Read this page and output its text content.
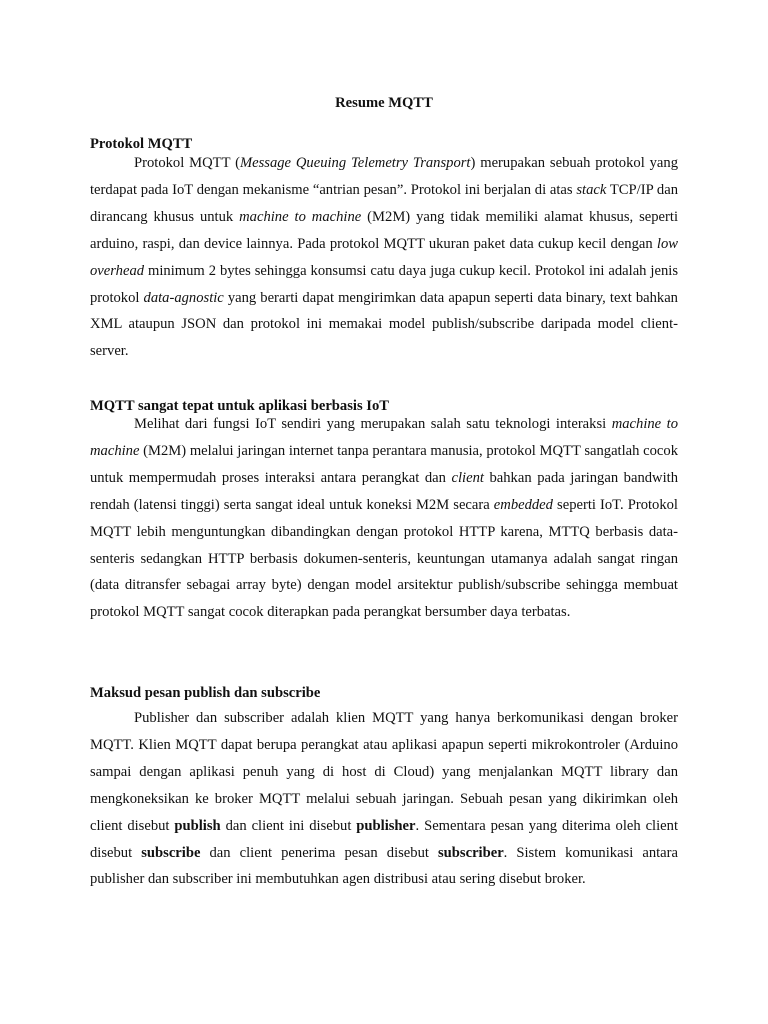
Resume MQTT
Protokol MQTT

Protokol MQTT (Message Queuing Telemetry Transport) merupakan sebuah protokol yang terdapat pada IoT dengan mekanisme “antrian pesan”. Protokol ini berjalan di atas stack TCP/IP dan dirancang khusus untuk machine to machine (M2M) yang tidak memiliki alamat khusus, seperti arduino, raspi, dan device lainnya. Pada protokol MQTT ukuran paket data cukup kecil dengan low overhead minimum 2 bytes sehingga konsumsi catu daya juga cukup kecil. Protokol ini adalah jenis protokol data-agnostic yang berarti dapat mengirimkan data apapun seperti data binary, text bahkan XML ataupun JSON dan protokol ini memakai model publish/subscribe daripada model client-server.

MQTT sangat tepat untuk aplikasi berbasis IoT

Melihat dari fungsi IoT sendiri yang merupakan salah satu teknologi interaksi machine to machine (M2M) melalui jaringan internet tanpa perantara manusia, protokol MQTT sangatlah cocok untuk mempermudah proses interaksi antara perangkat dan client bahkan pada jaringan bandwith rendah (latensi tinggi) serta sangat ideal untuk koneksi M2M secara embedded seperti IoT. Protokol MQTT lebih menguntungkan dibandingkan dengan protokol HTTP karena, MTTQ berbasis data-senteris sedangkan HTTP berbasis dokumen-senteris, keuntungan utamanya adalah sangat ringan (data ditransfer sebagai array byte) dengan model arsitektur publish/subscribe sehingga membuat protokol MQTT sangat cocok diterapkan pada perangkat bersumber daya terbatas.

Maksud pesan publish dan subscribe

Publisher dan subscriber adalah klien MQTT yang hanya berkomunikasi dengan broker MQTT. Klien MQTT dapat berupa perangkat atau aplikasi apapun seperti mikrokontroler (Arduino sampai dengan aplikasi penuh yang di host di Cloud) yang menjalankan MQTT library dan mengkoneksikan ke broker MQTT melalui sebuah jaringan. Sebuah pesan yang dikirimkan oleh client disebut publish dan client ini disebut publisher. Sementara pesan yang diterima oleh client disebut subscribe dan client penerima pesan disebut subscriber. Sistem komunikasi antara publisher dan subscriber ini membutuhkan agen distribusi atau sering disebut broker.
